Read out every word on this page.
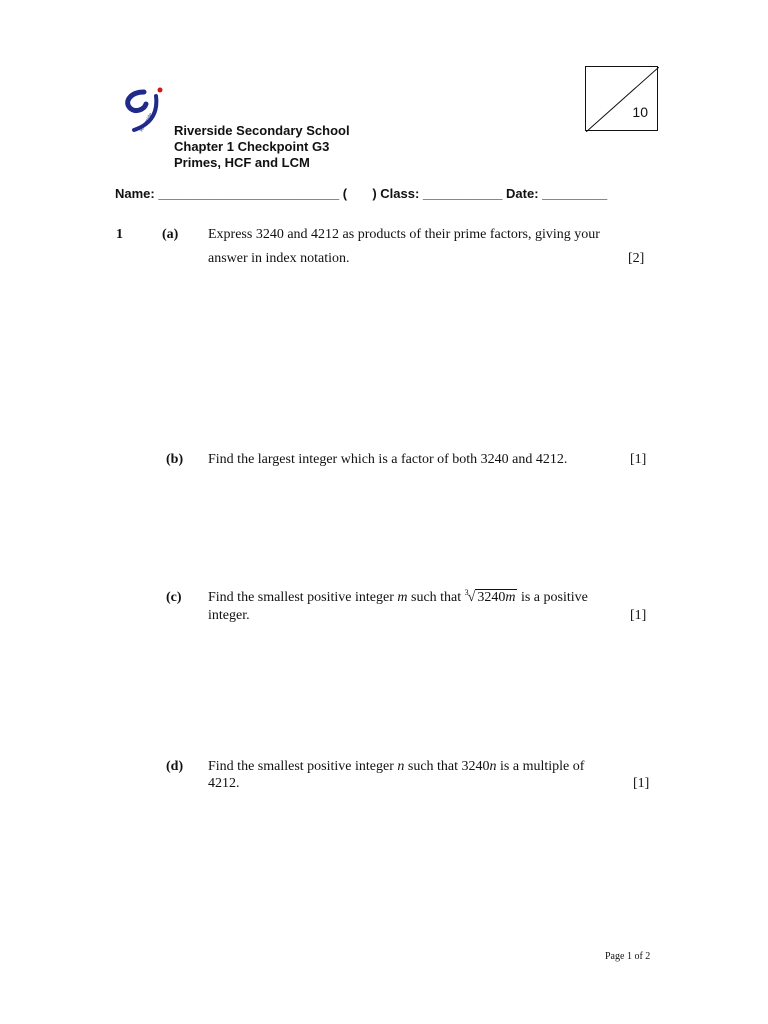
Riverside Riverside Secondary School
Chapter 1 Checkpoint G3
Primes, HCF and LCM
10
Name: _________________________ (       ) Class: ___________ Date: _________
1	(a) Express 3240 and 4212 as products of their prime factors, giving your
answer in index notation.	[2]
(b) Find the largest integer which is a factor of both 3240 and 4212.	[1]
(c) Find the smallest positive integer m such that 3 √ 3240m is a positive
integer.	[1]
(d) Find the smallest positive integer n such that 3240n is a multiple of
4212.	[1]
Page 1 of 2
